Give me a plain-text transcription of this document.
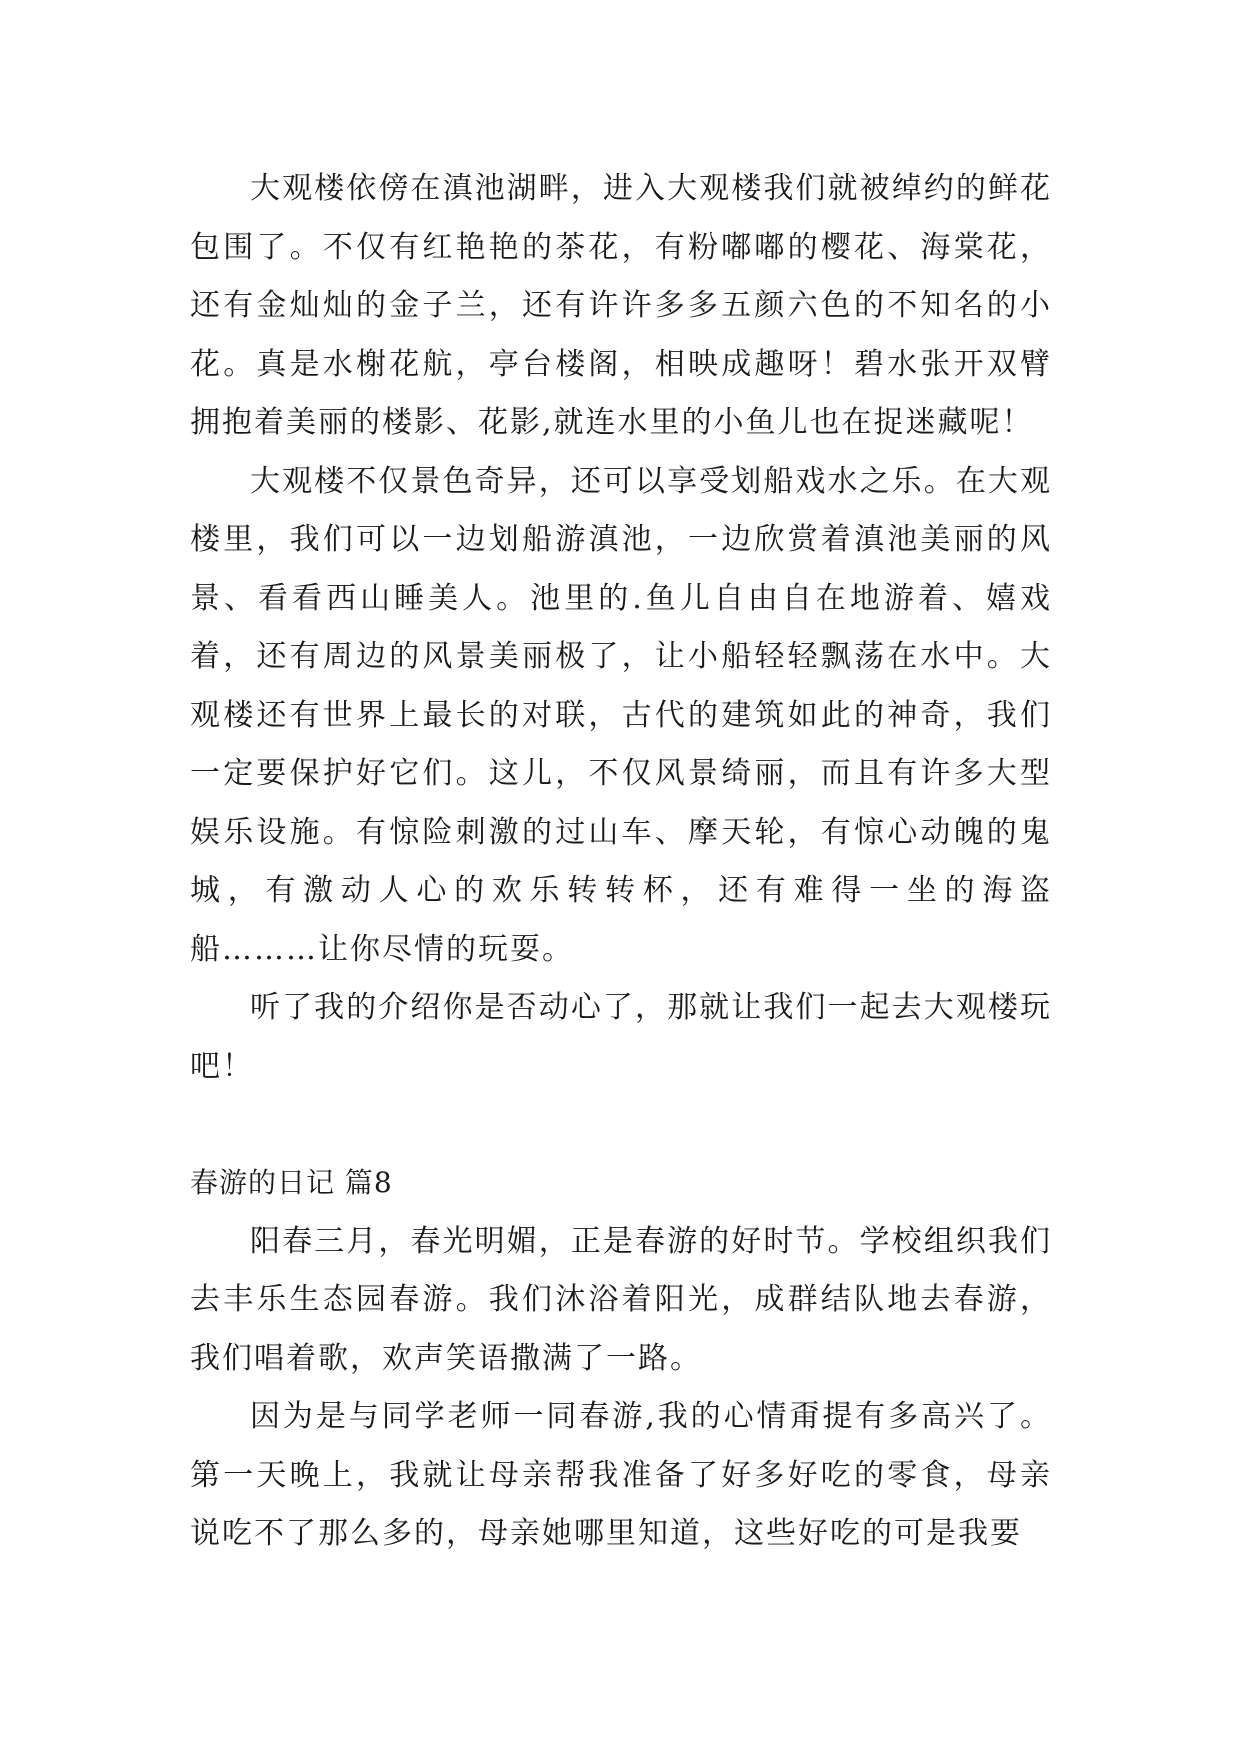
大观楼依傍在滇池湖畔，进入大观楼我们就被绰约的鲜花包围了。不仅有红艳艳的茶花，有粉嘟嘟的樱花、海棠花，还有金灿灿的金子兰，还有许许多多五颜六色的不知名的小花。真是水榭花航，亭台楼阁，相映成趣呀！碧水张开双臂拥抱着美丽的楼影、花影,就连水里的小鱼儿也在捉迷藏呢！

大观楼不仅景色奇异，还可以享受划船戏水之乐。在大观楼里，我们可以一边划船游滇池，一边欣赏着滇池美丽的风景、看看西山睡美人。池里的.鱼儿自由自在地游着、嬉戏着，还有周边的风景美丽极了，让小船轻轻飘荡在水中。大观楼还有世界上最长的对联，古代的建筑如此的神奇，我们一定要保护好它们。这儿，不仅风景绮丽，而且有许多大型娱乐设施。有惊险刺激的过山车、摩天轮，有惊心动魄的鬼城，有激动人心的欢乐转转杯，还有难得一坐的海盗船………让你尽情的玩耍。

听了我的介绍你是否动心了，那就让我们一起去大观楼玩吧！

春游的日记 篇8

阳春三月，春光明媚，正是春游的好时节。学校组织我们去丰乐生态园春游。我们沐浴着阳光，成群结队地去春游，我们唱着歌，欢声笑语撒满了一路。

因为是与同学老师一同春游,我的心情甭提有多高兴了。第一天晚上，我就让母亲帮我准备了好多好吃的零食，母亲说吃不了那么多的，母亲她哪里知道，这些好吃的可是我要
